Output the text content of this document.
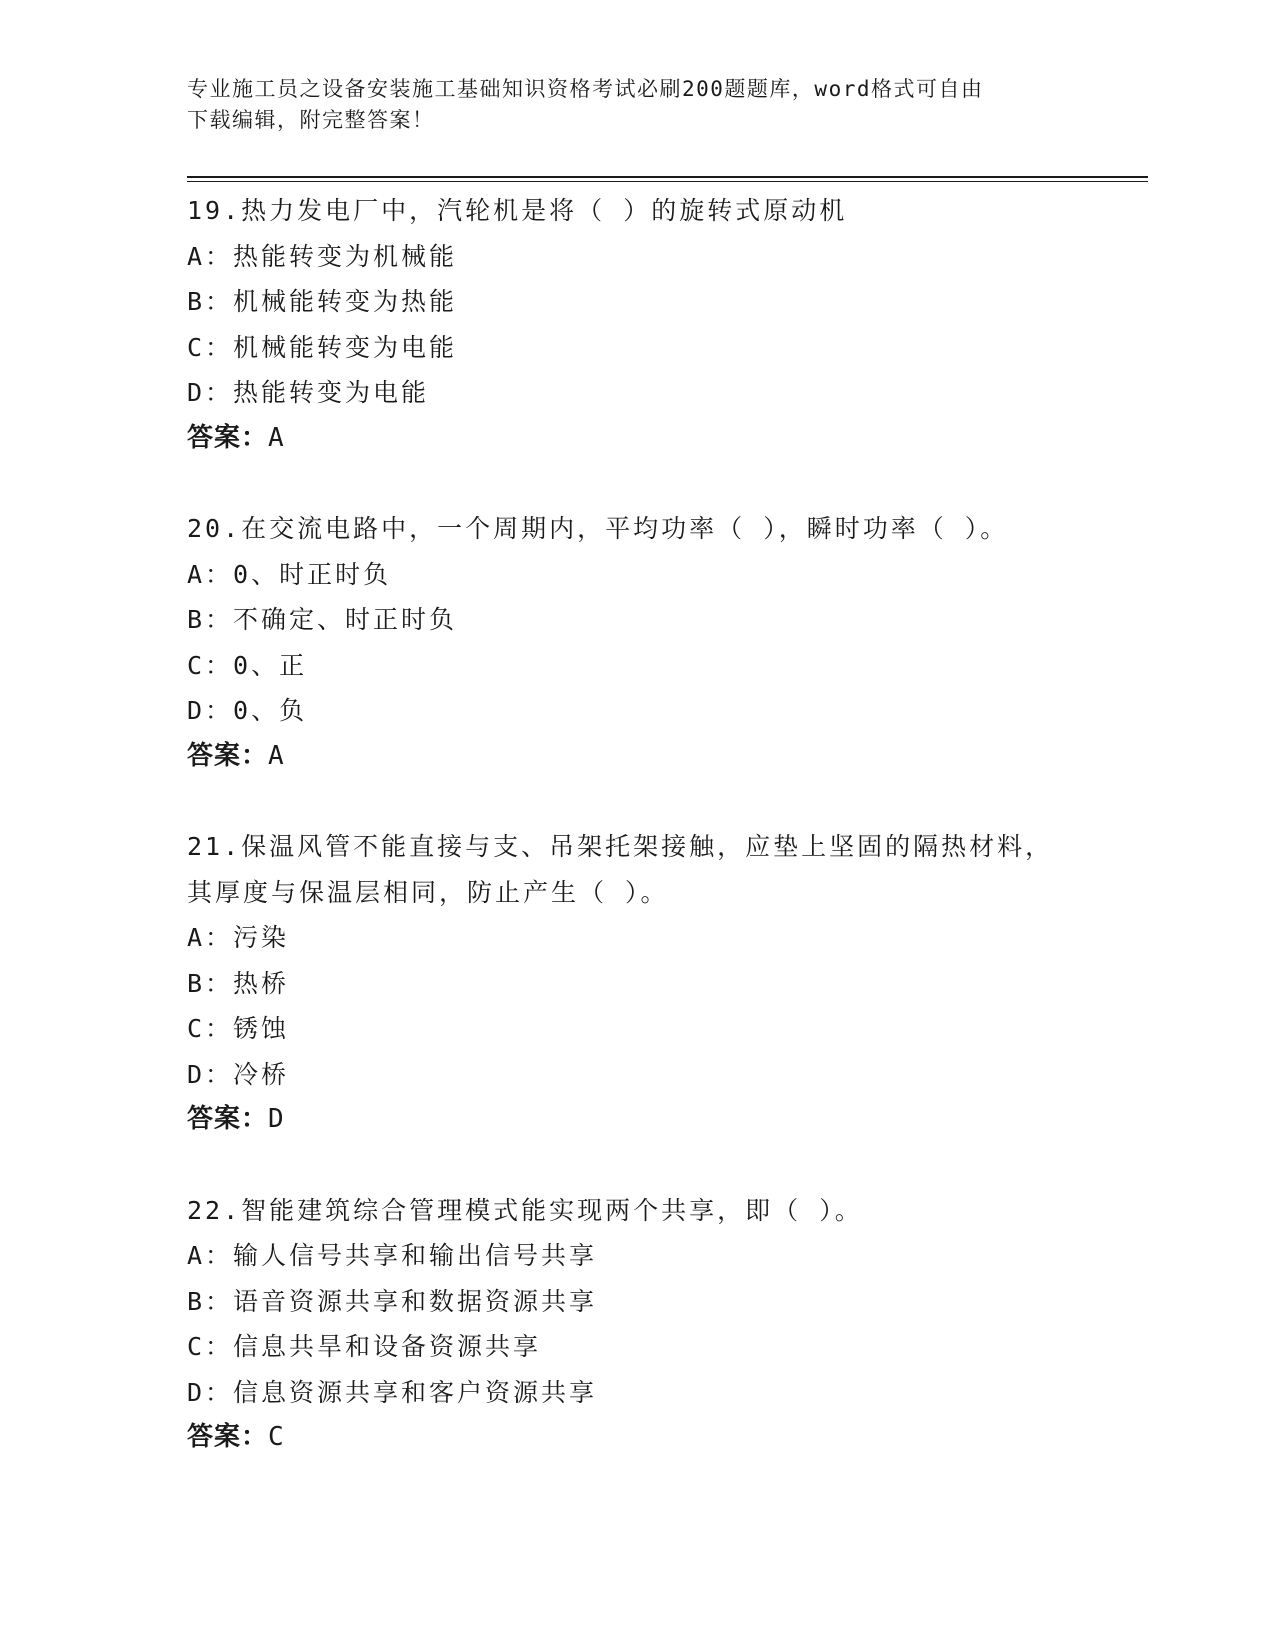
专业施工员之设备安装施工基础知识资格考试必刷200题题库，word格式可自由
下载编辑，附完整答案！
19.热力发电厂中，汽轮机是将（ ）的旋转式原动机
A：热能转变为机械能
B：机械能转变为热能
C：机械能转变为电能
D：热能转变为电能
答案：A
20.在交流电路中，一个周期内，平均功率（ ），瞬时功率（ ）。
A：0、时正时负
B：不确定、时正时负
C：0、正
D：0、负
答案：A
21.保温风管不能直接与支、吊架托架接触，应垫上坚固的隔热材料，
其厚度与保温层相同，防止产生（ ）。
A：污染
B：热桥
C：锈蚀
D：冷桥
答案：D
22.智能建筑综合管理模式能实现两个共享，即（ ）。
A：输人信号共享和输出信号共享
B：语音资源共享和数据资源共享
C：信息共旱和设备资源共享
D：信息资源共享和客户资源共享
答案：C
